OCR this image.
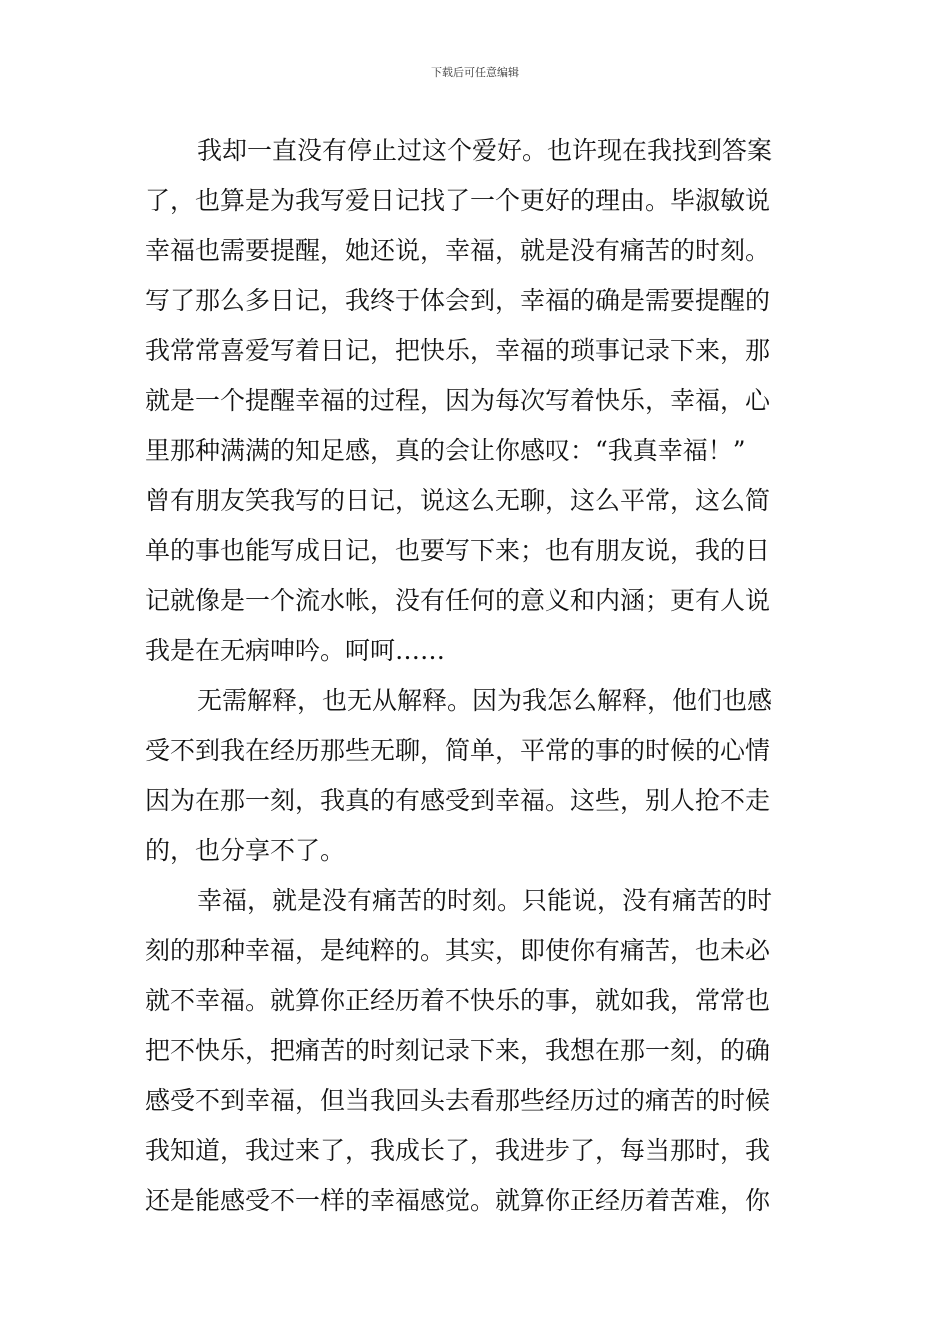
下载后可任意编辑
我却一直没有停止过这个爱好。也许现在我找到答案
了，也算是为我写爱日记找了一个更好的理由。毕淑敏说
幸福也需要提醒，她还说，幸福，就是没有痛苦的时刻。
写了那么多日记，我终于体会到，幸福的确是需要提醒的
我常常喜爱写着日记，把快乐，幸福的琐事记录下来，那
就是一个提醒幸福的过程，因为每次写着快乐，幸福，心
里那种满满的知足感，真的会让你感叹：“我真幸福！”
曾有朋友笑我写的日记，说这么无聊，这么平常，这么简
单的事也能写成日记，也要写下来；也有朋友说，我的日
记就像是一个流水帐，没有任何的意义和内涵；更有人说
我是在无病呻吟。呵呵……
无需解释，也无从解释。因为我怎么解释，他们也感
受不到我在经历那些无聊，简单，平常的事的时候的心情
因为在那一刻，我真的有感受到幸福。这些，别人抢不走
的，也分享不了。
幸福，就是没有痛苦的时刻。只能说，没有痛苦的时
刻的那种幸福，是纯粹的。其实，即使你有痛苦，也未必
就不幸福。就算你正经历着不快乐的事，就如我，常常也
把不快乐，把痛苦的时刻记录下来，我想在那一刻，的确
感受不到幸福，但当我回头去看那些经历过的痛苦的时候
我知道，我过来了，我成长了，我进步了，每当那时，我
还是能感受不一样的幸福感觉。就算你正经历着苦难，你
